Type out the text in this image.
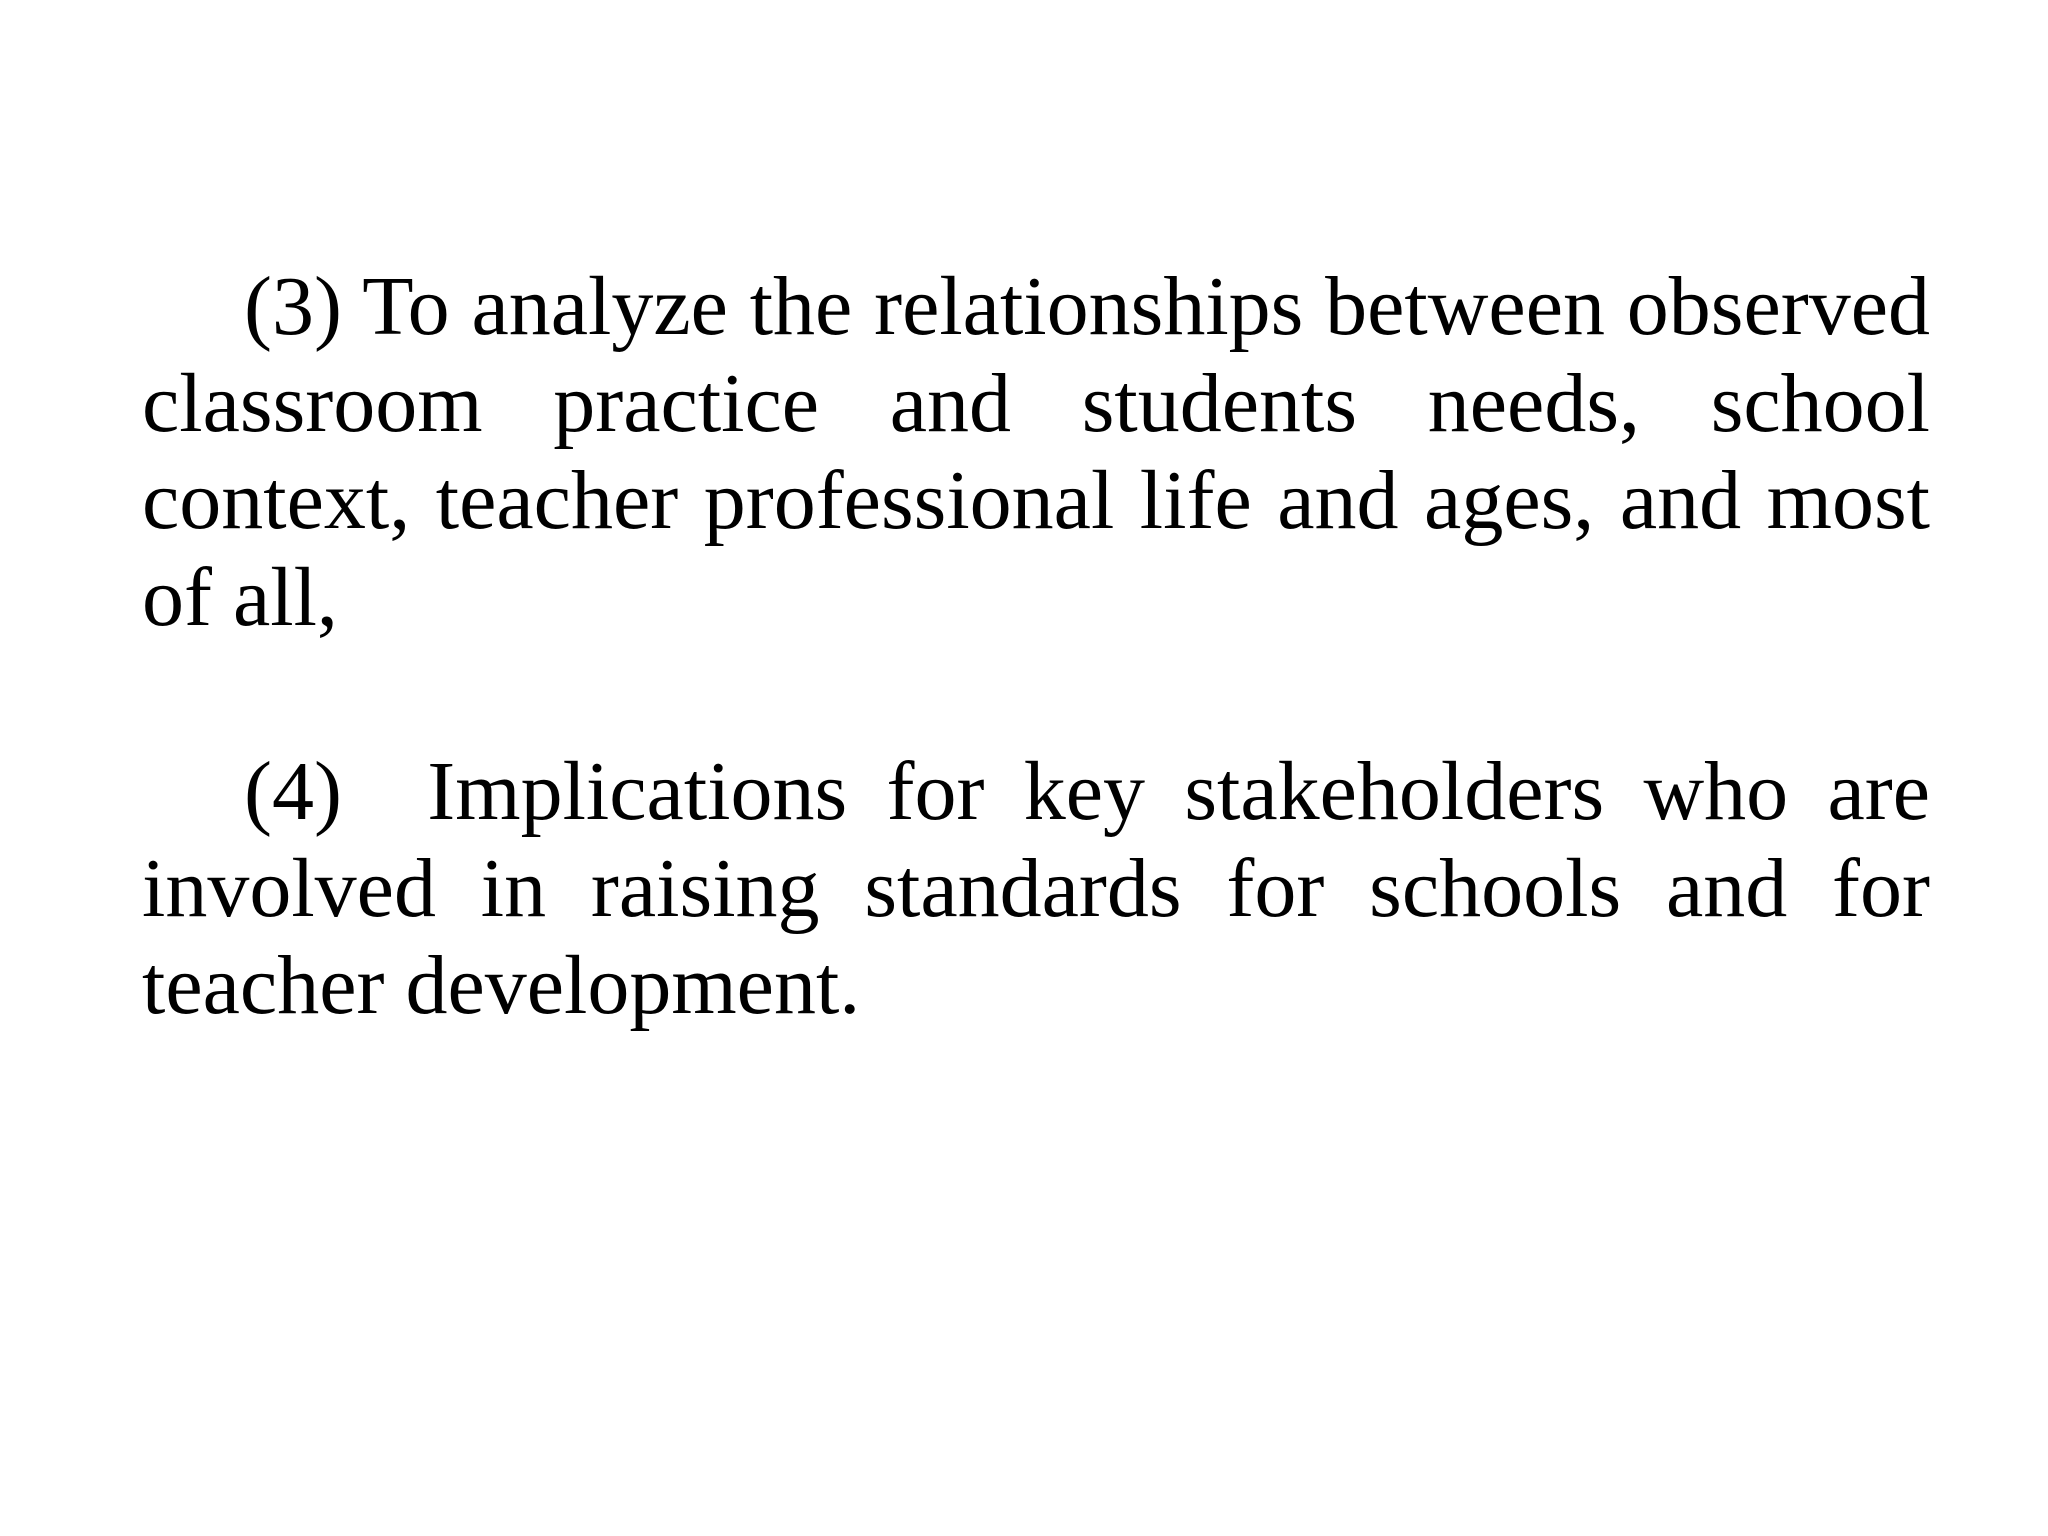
(3) To analyze the relationships between observed classroom practice and students needs, school context, teacher professional life and ages, and most of all,

(4) Implications for key stakeholders who are involved in raising standards for schools and for teacher development.
